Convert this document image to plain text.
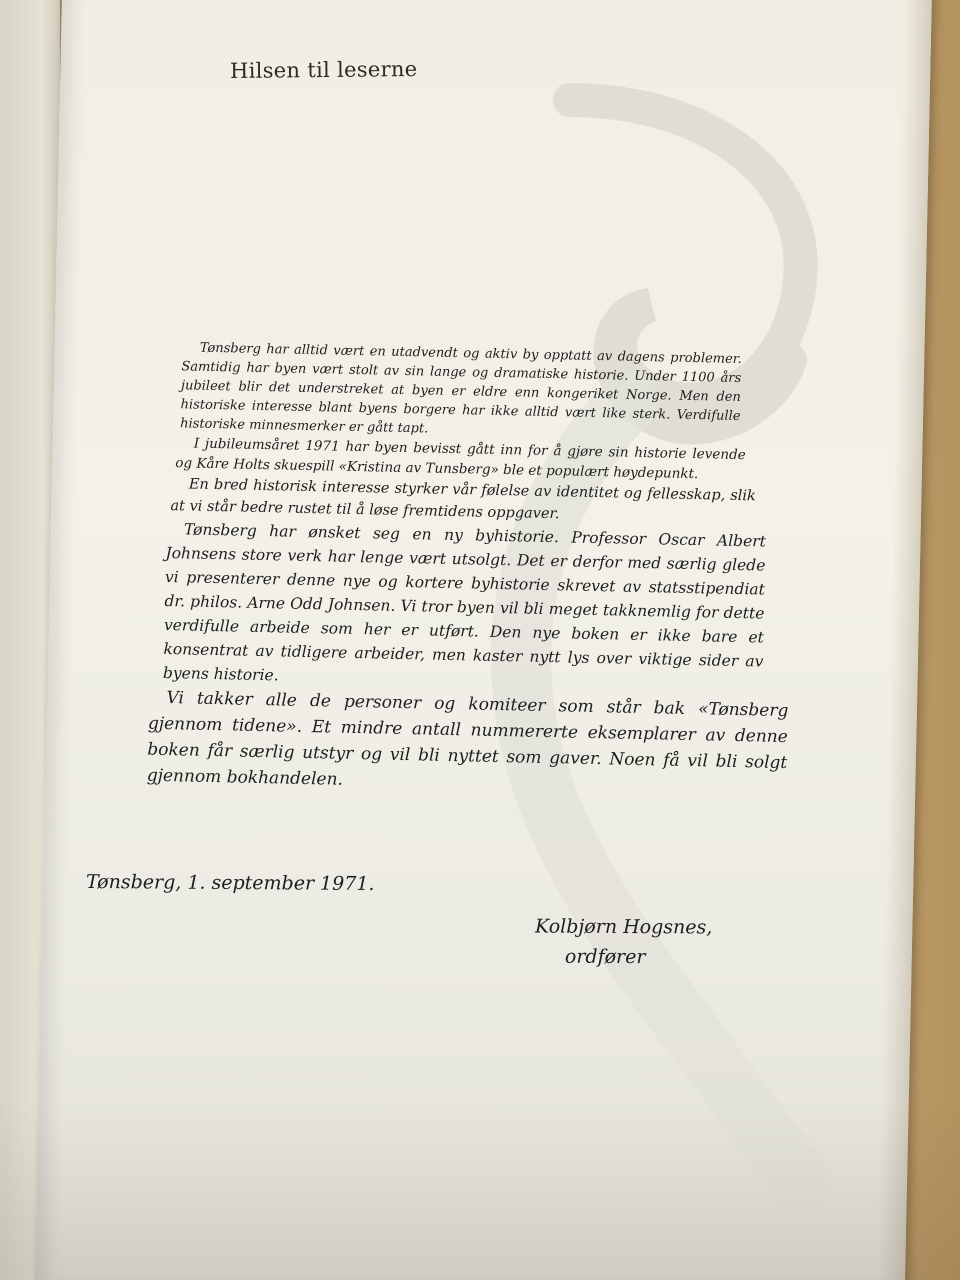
Hilsen til leserne

Tønsberg har alltid vært en utadvendt og aktiv by opptatt av dagens problemer. Samtidig har byen vært stolt av sin lange og dramatiske historie. Under 1100 års jubileet blir det understreket at byen er eldre enn kongeriket Norge. Men den historiske interesse blant byens borgere har ikke alltid vært like sterk. Verdifulle historiske minnesmerker er gått tapt.

I jubileumsåret 1971 har byen bevisst gått inn for å gjøre sin historie levende og Kåre Holts skuespill «Kristina av Tunsberg» ble et populært høydepunkt.

En bred historisk interesse styrker vår følelse av identitet og fellesskap, slik at vi står bedre rustet til å løse fremtidens oppgaver.

Tønsberg har ønsket seg en ny byhistorie. Professor Oscar Albert Johnsens store verk har lenge vært utsolgt. Det er derfor med særlig glede vi presenterer denne nye og kortere byhistorie skrevet av statsstipendiat dr. philos. Arne Odd Johnsen. Vi tror byen vil bli meget takknemlig for dette verdifulle arbeide som her er utført. Den nye boken er ikke bare et konsentrat av tidligere arbeider, men kaster nytt lys over viktige sider av byens historie.

Vi takker alle de personer og komiteer som står bak «Tønsberg gjennom tidene». Et mindre antall nummererte eksemplarer av denne boken får særlig utstyr og vil bli nyttet som gaver. Noen få vil bli solgt gjennom bokhandelen.

Tønsberg, 1. september 1971.
Kolbjørn Hogsnes,
ordfører
